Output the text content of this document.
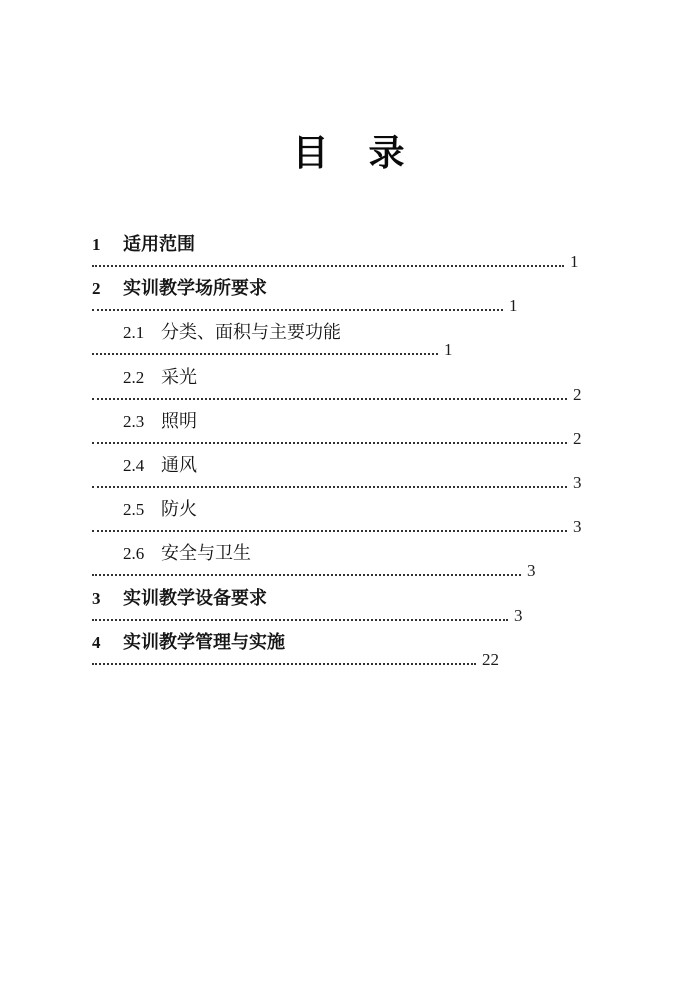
目　录
1 适用范围
1
2 实训教学场所要求
1
2.1 分类、面积与主要功能
1
2.2 采光
2
2.3 照明
2
2.4 通风
3
2.5 防火
3
2.6 安全与卫生
3
3 实训教学设备要求
3
4 实训教学管理与实施
22
